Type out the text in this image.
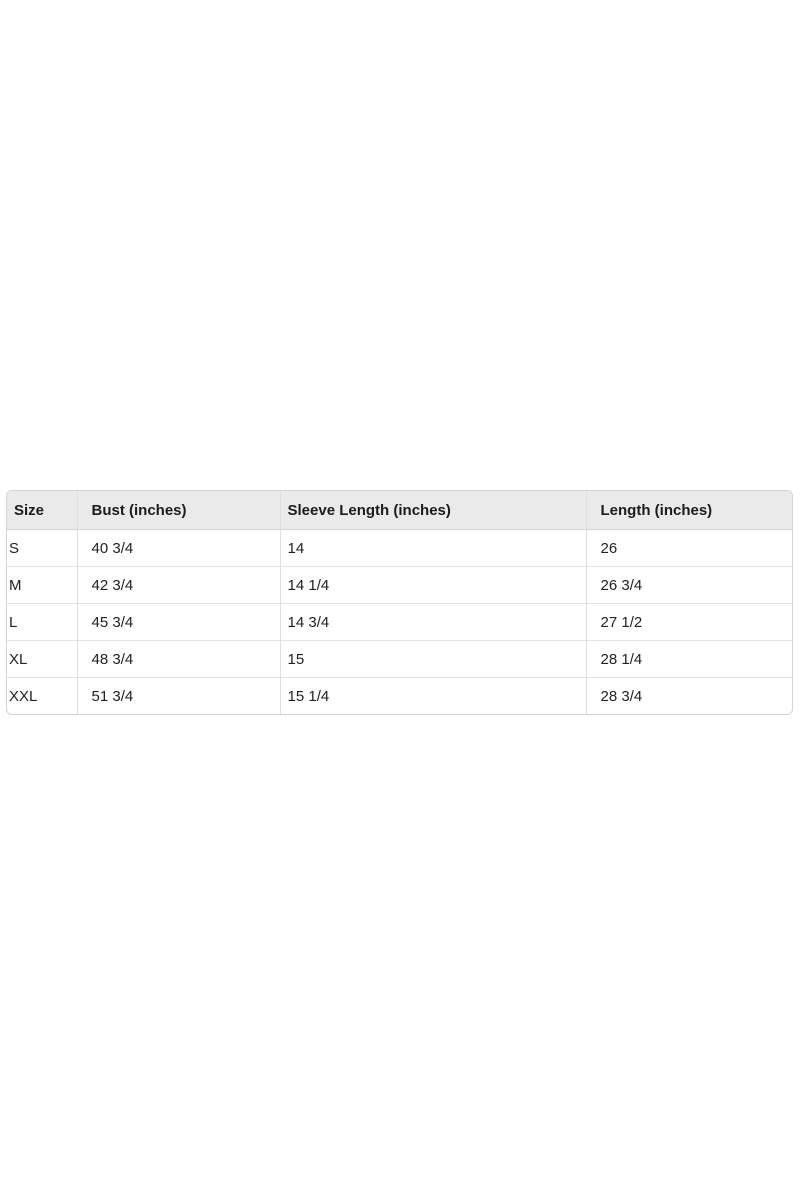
Size	Bust (inches)	Sleeve Length (inches)	Length (inches)
S	40 3/4	14	26
M	42 3/4	14 1/4	26 3/4
L	45 3/4	14 3/4	27 1/2
XL	48 3/4	15	28 1/4
XXL	51 3/4	15 1/4	28 3/4
